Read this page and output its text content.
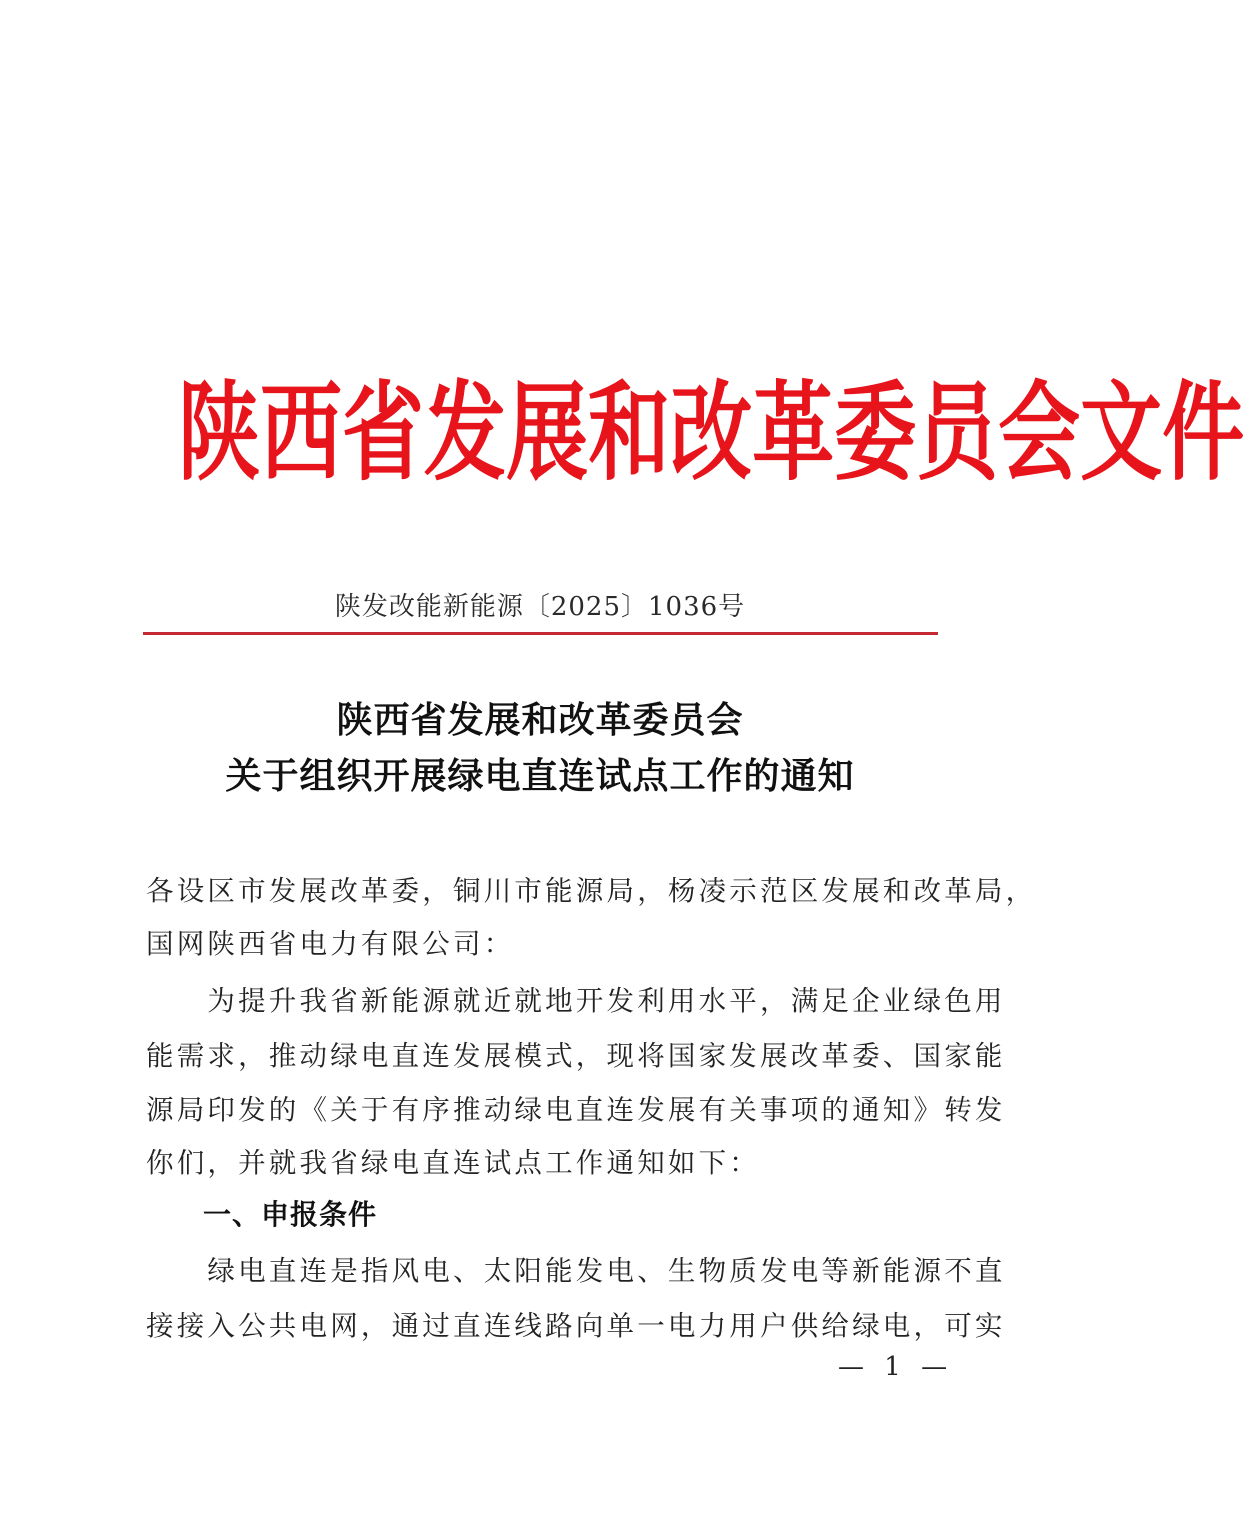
陕 西 省 发 展 和 改 革 委 员 会 文 件
陕发改能新能源〔2025〕1036号
陕西省发展和改革委员会
关于组织开展绿电直连试点工作的通知
各设区市发展改革委，铜川市能源局，杨凌示范区发展和改革局，
国网陕西省电力有限公司：
　　为提升我省新能源就近就地开发利用水平，满足企业绿色用
能需求，推动绿电直连发展模式，现将国家发展改革委、国家能
源局印发的《关于有序推动绿电直连发展有关事项的通知》转发
你们，并就我省绿电直连试点工作通知如下：
一、申报条件
　　绿电直连是指风电、太阳能发电、生物质发电等新能源不直
接接入公共电网，通过直连线路向单一电力用户供给绿电，可实
— 1 —
